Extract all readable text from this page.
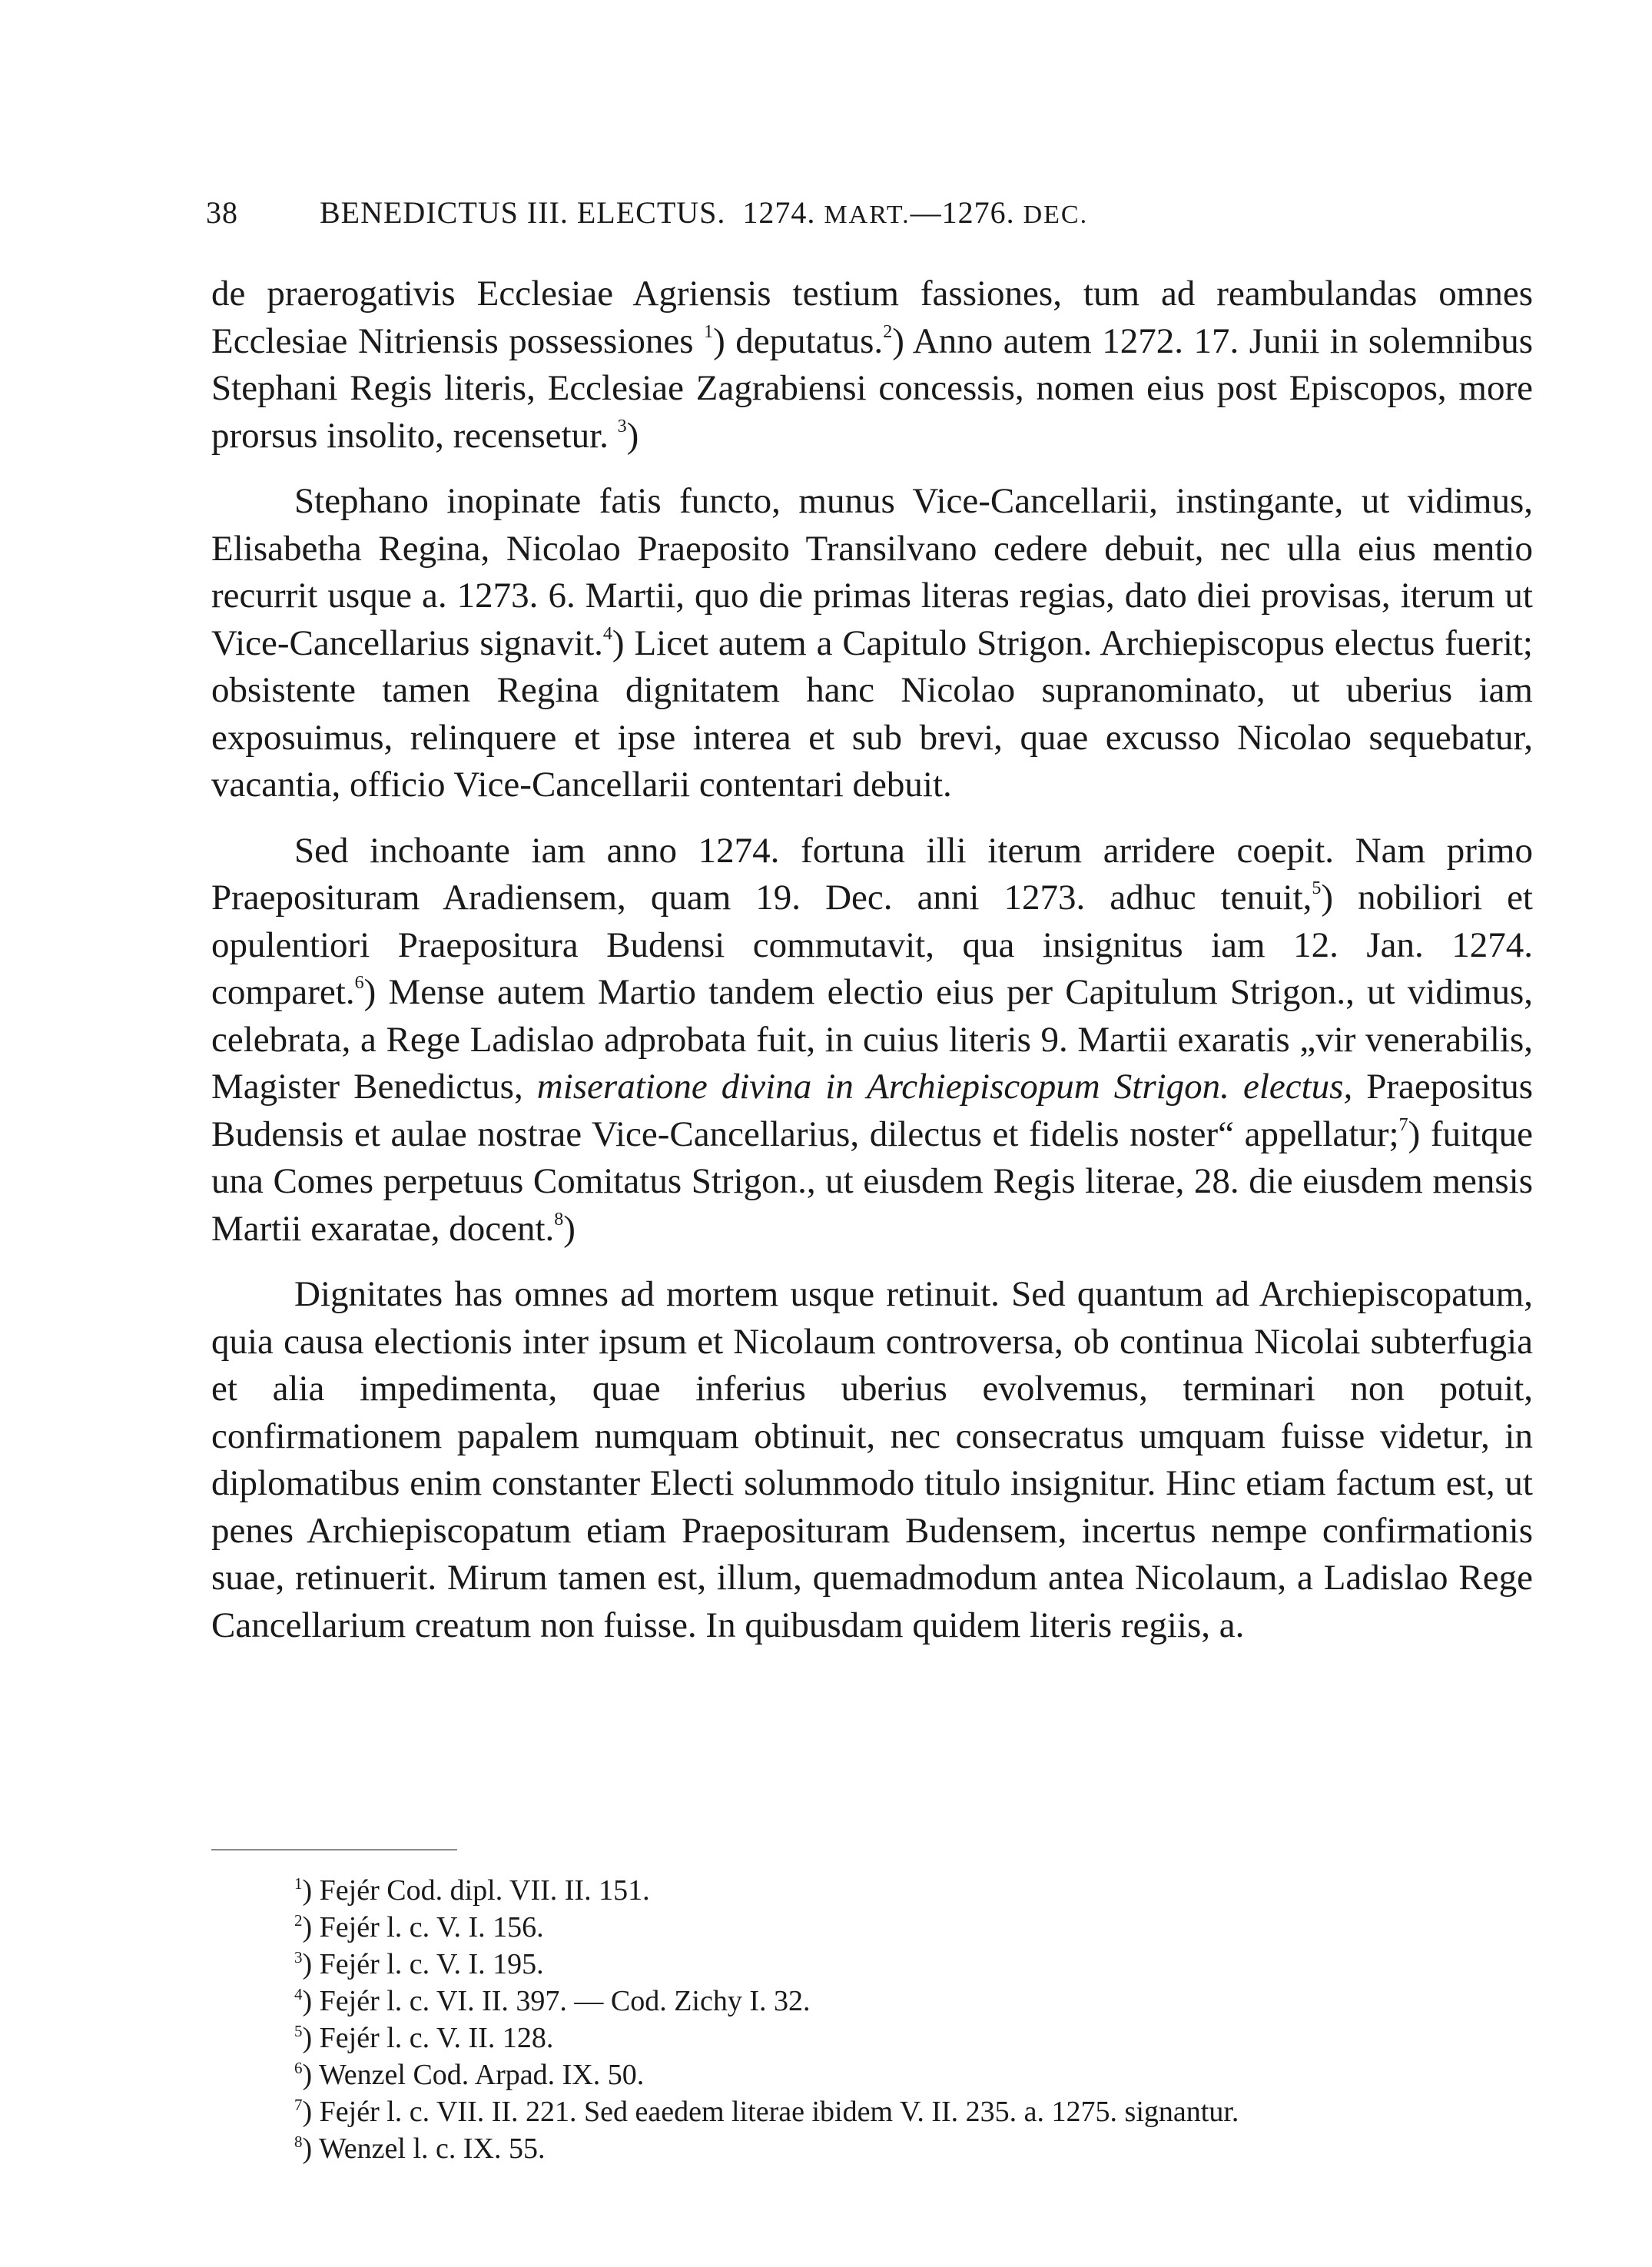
38	BENEDICTUS III. ELECTUS. 1274. MART.—1276. DEC.

de praerogativis Ecclesiae Agriensis testium fassiones, tum ad reambulandas omnes Ecclesiae Nitriensis possessiones $^1$) deputatus.$^2$) Anno autem 1272. 17. Junii in solemnibus Stephani Regis literis, Ecclesiae Zagrabiensi concessis, nomen eius post Episcopos, more prorsus insolito, recensetur. $^3$)

Stephano inopinate fatis functo, munus Vice-Cancellarii, instingante, ut vidimus, Elisabetha Regina, Nicolao Praeposito Transilvano cedere debuit, nec ulla eius mentio recurrit usque a. 1273. 6. Martii, quo die primas literas regias, dato diei provisas, iterum ut Vice-Cancellarius signavit.$^4$) Licet autem a Capitulo Strigon. Archiepiscopus electus fuerit; obsistente tamen Regina dignitatem hanc Nicolao supranominato, ut uberius iam exposuimus, relinquere et ipse interea et sub brevi, quae excusso Nicolao sequebatur, vacantia, officio Vice-Cancellarii contentari debuit.

Sed inchoante iam anno 1274. fortuna illi iterum arridere coepit. Nam primo Praeposituram Aradiensem, quam 19. Dec. anni 1273. adhuc tenuit,$^5$) nobiliori et opulentiori Praepositura Budensi commutavit, qua insignitus iam 12. Jan. 1274. comparet.$^6$) Mense autem Martio tandem electio eius per Capitulum Strigon., ut vidimus, celebrata, a Rege Ladislao adprobata fuit, in cuius literis 9. Martii exaratis „vir venerabilis, Magister Benedictus, miseratione divina in Archiepiscopum Strigon. electus, Praepositus Budensis et aulae nostrae Vice-Cancellarius, dilectus et fidelis noster“ appellatur;$^7$) fuitque una Comes perpetuus Comitatus Strigon., ut eiusdem Regis literae, 28. die eiusdem mensis Martii exaratae, docent.$^8$)

Dignitates has omnes ad mortem usque retinuit. Sed quantum ad Archiepiscopatum, quia causa electionis inter ipsum et Nicolaum controversa, ob continua Nicolai subterfugia et alia impedimenta, quae inferius uberius evolvemus, terminari non potuit, confirmationem papalem numquam obtinuit, nec consecratus umquam fuisse videtur, in diplomatibus enim constanter Electi solummodo titulo insignitur. Hinc etiam factum est, ut penes Archiepiscopatum etiam Praeposituram Budensem, incertus nempe confirmationis suae, retinuerit. Mirum tamen est, illum, quemadmodum antea Nicolaum, a Ladislao Rege Cancellarium creatum non fuisse. In quibusdam quidem literis regiis, a.

$^1$) Fejér Cod. dipl. VII. II. 151.

$^2$) Fejér l. c. V. I. 156.

$^3$) Fejér l. c. V. I. 195.

$^4$) Fejér l. c. VI. II. 397. — Cod. Zichy I. 32.

$^5$) Fejér l. c. V. II. 128.

$^6$) Wenzel Cod. Arpad. IX. 50.

$^7$) Fejér l. c. VII. II. 221. Sed eaedem literae ibidem V. II. 235. a. 1275. signantur.

$^8$) Wenzel l. c. IX. 55.
